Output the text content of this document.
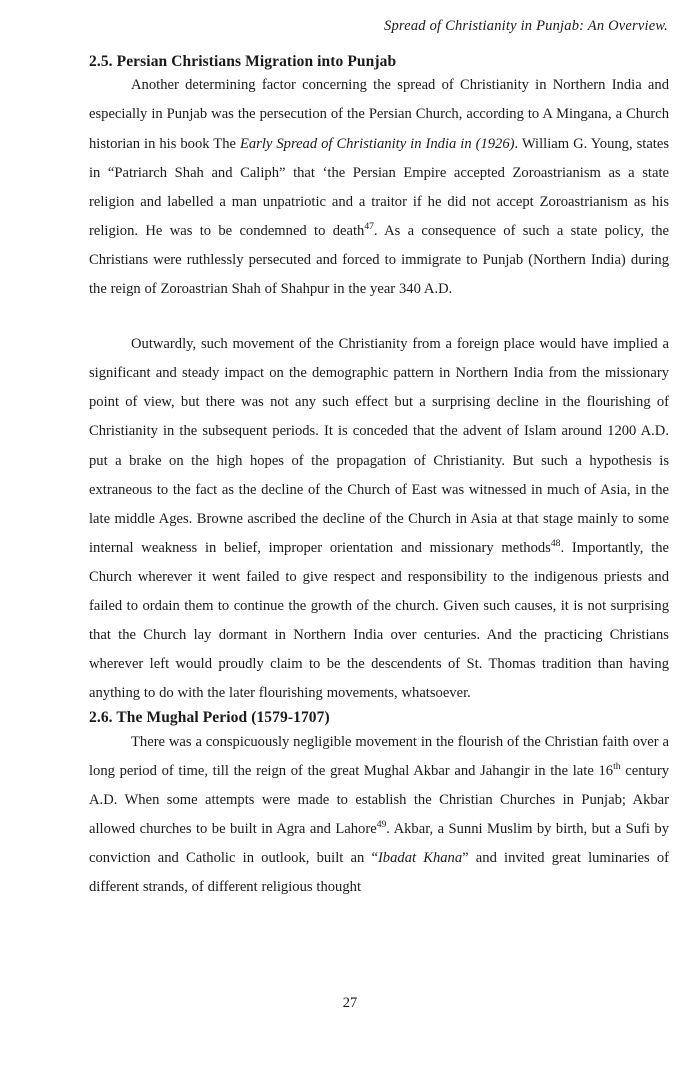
Spread of Christianity in Punjab: An Overview.
2.5. Persian Christians Migration into Punjab

Another determining factor concerning the spread of Christianity in Northern India and especially in Punjab was the persecution of the Persian Church, according to A Mingana, a Church historian in his book The Early Spread of Christianity in India in (1926). William G. Young, states in “Patriarch Shah and Caliph” that ‘the Persian Empire accepted Zoroastrianism as a state religion and labelled a man unpatriotic and a traitor if he did not accept Zoroastrianism as his religion. He was to be condemned to death$^{47}$. As a consequence of such a state policy, the Christians were ruthlessly persecuted and forced to immigrate to Punjab (Northern India) during the reign of Zoroastrian Shah of Shahpur in the year 340 A.D.

Outwardly, such movement of the Christianity from a foreign place would have implied a significant and steady impact on the demographic pattern in Northern India from the missionary point of view, but there was not any such effect but a surprising decline in the flourishing of Christianity in the subsequent periods. It is conceded that the advent of Islam around 1200 A.D. put a brake on the high hopes of the propagation of Christianity. But such a hypothesis is extraneous to the fact as the decline of the Church of East was witnessed in much of Asia, in the late middle Ages. Browne ascribed the decline of the Church in Asia at that stage mainly to some internal weakness in belief, improper orientation and missionary methods$^{48}$. Importantly, the Church wherever it went failed to give respect and responsibility to the indigenous priests and failed to ordain them to continue the growth of the church. Given such causes, it is not surprising that the Church lay dormant in Northern India over centuries. And the practicing Christians wherever left would proudly claim to be the descendents of St. Thomas tradition than having anything to do with the later flourishing movements, whatsoever.

2.6. The Mughal Period (1579-1707)

There was a conspicuously negligible movement in the flourish of the Christian faith over a long period of time, till the reign of the great Mughal Akbar and Jahangir in the late 16th century A.D. When some attempts were made to establish the Christian Churches in Punjab; Akbar allowed churches to be built in Agra and Lahore$^{49}$. Akbar, a Sunni Muslim by birth, but a Sufi by conviction and Catholic in outlook, built an “Ibadat Khana” and invited great luminaries of different strands, of different religious thought

27
